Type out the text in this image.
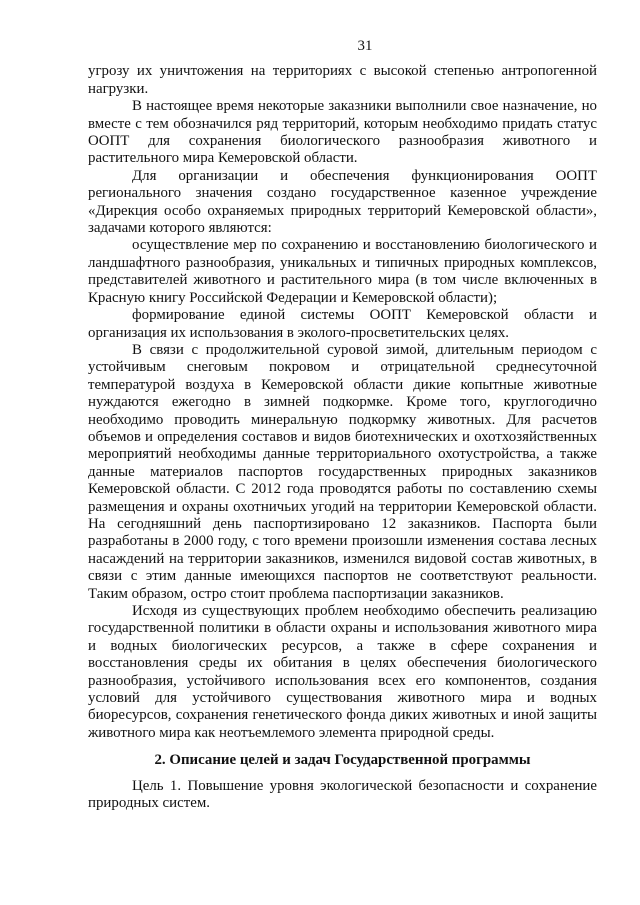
31

угрозу их уничтожения на территориях с высокой степенью антропогенной нагрузки.

В настоящее время некоторые заказники выполнили свое назначение, но вместе с тем обозначился ряд территорий, которым необходимо придать статус ООПТ для сохранения биологического разнообразия животного и растительного мира Кемеровской области.

Для организации и обеспечения функционирования ООПТ регионального значения создано государственное казенное учреждение «Дирекция особо охраняемых природных территорий Кемеровской области», задачами которого являются:

осуществление мер по сохранению и восстановлению биологического и ландшафтного разнообразия, уникальных и типичных природных комплексов, представителей животного и растительного мира (в том числе включенных в Красную книгу Российской Федерации и Кемеровской области);

формирование единой системы ООПТ Кемеровской области и организация их использования в эколого-просветительских целях.

В связи с продолжительной суровой зимой, длительным периодом с устойчивым снеговым покровом и отрицательной среднесуточной температурой воздуха в Кемеровской области дикие копытные животные нуждаются ежегодно в зимней подкормке. Кроме того, круглогодично необходимо проводить минеральную подкормку животных. Для расчетов объемов и определения составов и видов биотехнических и охотхозяйственных мероприятий необходимы данные территориального охотустройства, а также данные материалов паспортов государственных природных заказников Кемеровской области. С 2012 года проводятся работы по составлению схемы размещения и охраны охотничьих угодий на территории Кемеровской области. На сегодняшний день паспортизировано 12 заказников. Паспорта были разработаны в 2000 году, с того времени произошли изменения состава лесных насаждений на территории заказников, изменился видовой состав животных, в связи с этим данные имеющихся паспортов не соответствуют реальности. Таким образом, остро стоит проблема паспортизации заказников.

Исходя из существующих проблем необходимо обеспечить реализацию государственной политики в области охраны и использования животного мира и водных биологических ресурсов, а также в сфере сохранения и восстановления среды их обитания в целях обеспечения биологического разнообразия, устойчивого использования всех его компонентов, создания условий для устойчивого существования животного мира и водных биоресурсов, сохранения генетического фонда диких животных и иной защиты животного мира как неотъемлемого элемента природной среды.

2. Описание целей и задач Государственной программы

Цель 1. Повышение уровня экологической безопасности и сохранение природных систем.
